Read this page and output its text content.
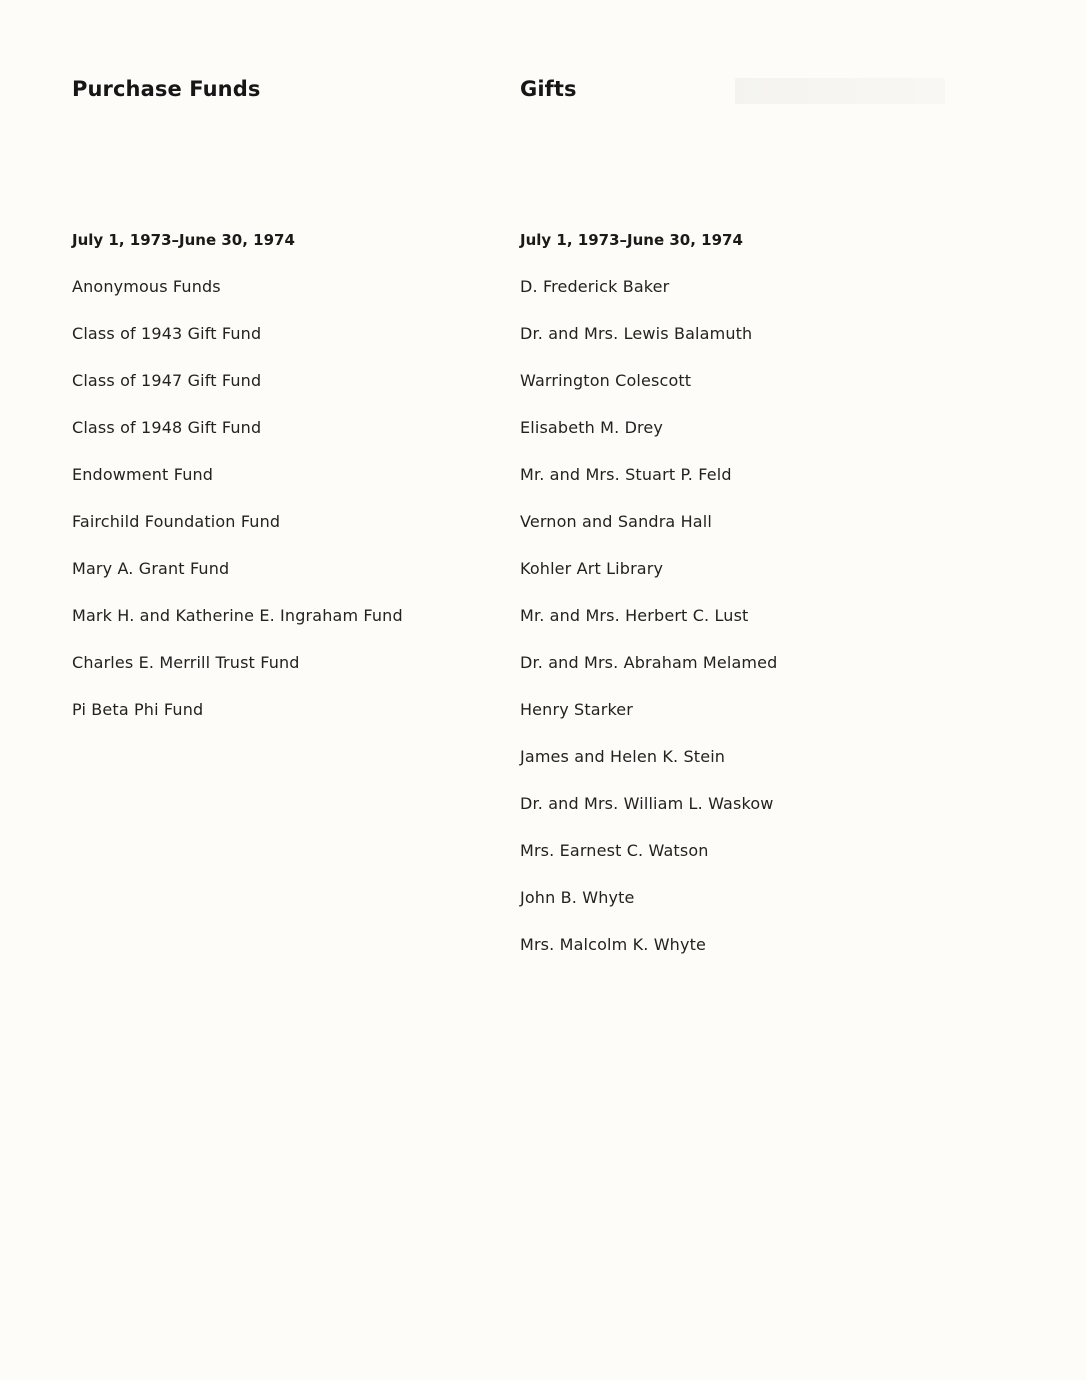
Purchase Funds
July 1, 1973–June 30, 1974
Anonymous Funds
Class of 1943 Gift Fund
Class of 1947 Gift Fund
Class of 1948 Gift Fund
Endowment Fund
Fairchild Foundation Fund
Mary A. Grant Fund
Mark H. and Katherine E. Ingraham Fund
Charles E. Merrill Trust Fund
Pi Beta Phi Fund
Gifts
July 1, 1973–June 30, 1974
D. Frederick Baker
Dr. and Mrs. Lewis Balamuth
Warrington Colescott
Elisabeth M. Drey
Mr. and Mrs. Stuart P. Feld
Vernon and Sandra Hall
Kohler Art Library
Mr. and Mrs. Herbert C. Lust
Dr. and Mrs. Abraham Melamed
Henry Starker
James and Helen K. Stein
Dr. and Mrs. William L. Waskow
Mrs. Earnest C. Watson
John B. Whyte
Mrs. Malcolm K. Whyte
